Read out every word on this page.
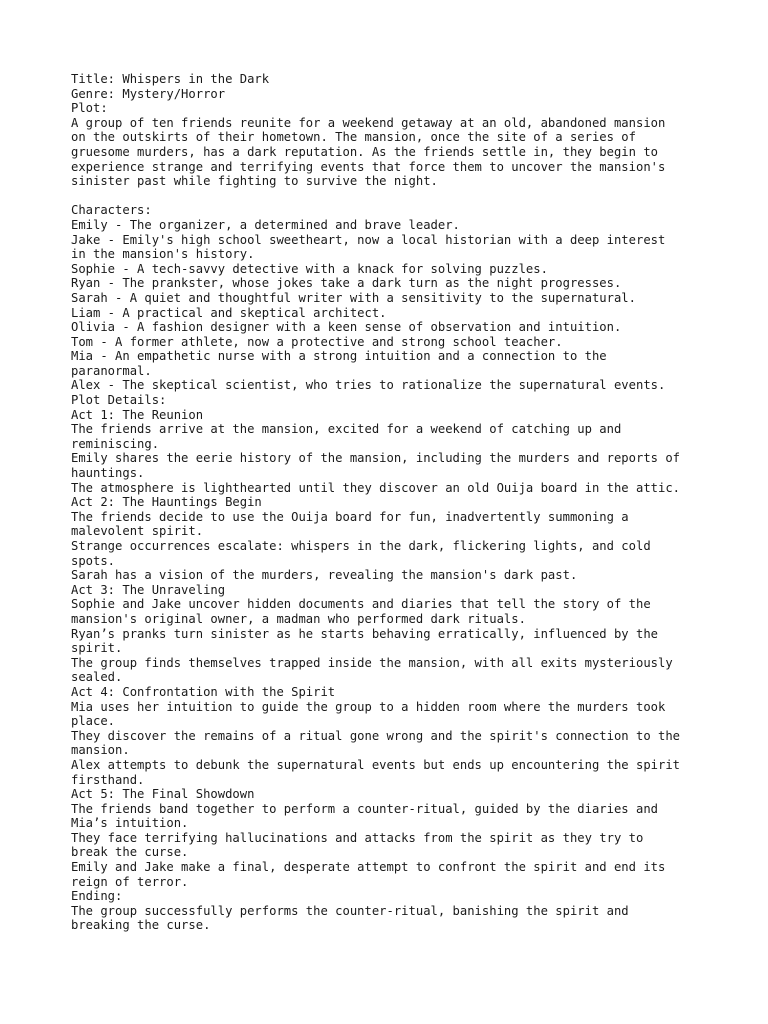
Title: Whispers in the Dark
Genre: Mystery/Horror
Plot:
A group of ten friends reunite for a weekend getaway at an old, abandoned mansion
on the outskirts of their hometown. The mansion, once the site of a series of
gruesome murders, has a dark reputation. As the friends settle in, they begin to
experience strange and terrifying events that force them to uncover the mansion's
sinister past while fighting to survive the night.
Characters:
Emily - The organizer, a determined and brave leader.
Jake - Emily's high school sweetheart, now a local historian with a deep interest
in the mansion's history.
Sophie - A tech-savvy detective with a knack for solving puzzles.
Ryan - The prankster, whose jokes take a dark turn as the night progresses.
Sarah - A quiet and thoughtful writer with a sensitivity to the supernatural.
Liam - A practical and skeptical architect.
Olivia - A fashion designer with a keen sense of observation and intuition.
Tom - A former athlete, now a protective and strong school teacher.
Mia - An empathetic nurse with a strong intuition and a connection to the
paranormal.
Alex - The skeptical scientist, who tries to rationalize the supernatural events.
Plot Details:
Act 1: The Reunion
The friends arrive at the mansion, excited for a weekend of catching up and
reminiscing.
Emily shares the eerie history of the mansion, including the murders and reports of
hauntings.
The atmosphere is lighthearted until they discover an old Ouija board in the attic.
Act 2: The Hauntings Begin
The friends decide to use the Ouija board for fun, inadvertently summoning a
malevolent spirit.
Strange occurrences escalate: whispers in the dark, flickering lights, and cold
spots.
Sarah has a vision of the murders, revealing the mansion's dark past.
Act 3: The Unraveling
Sophie and Jake uncover hidden documents and diaries that tell the story of the
mansion's original owner, a madman who performed dark rituals.
Ryan’s pranks turn sinister as he starts behaving erratically, influenced by the
spirit.
The group finds themselves trapped inside the mansion, with all exits mysteriously
sealed.
Act 4: Confrontation with the Spirit
Mia uses her intuition to guide the group to a hidden room where the murders took
place.
They discover the remains of a ritual gone wrong and the spirit's connection to the
mansion.
Alex attempts to debunk the supernatural events but ends up encountering the spirit
firsthand.
Act 5: The Final Showdown
The friends band together to perform a counter-ritual, guided by the diaries and
Mia’s intuition.
They face terrifying hallucinations and attacks from the spirit as they try to
break the curse.
Emily and Jake make a final, desperate attempt to confront the spirit and end its
reign of terror.
Ending:
The group successfully performs the counter-ritual, banishing the spirit and
breaking the curse.
